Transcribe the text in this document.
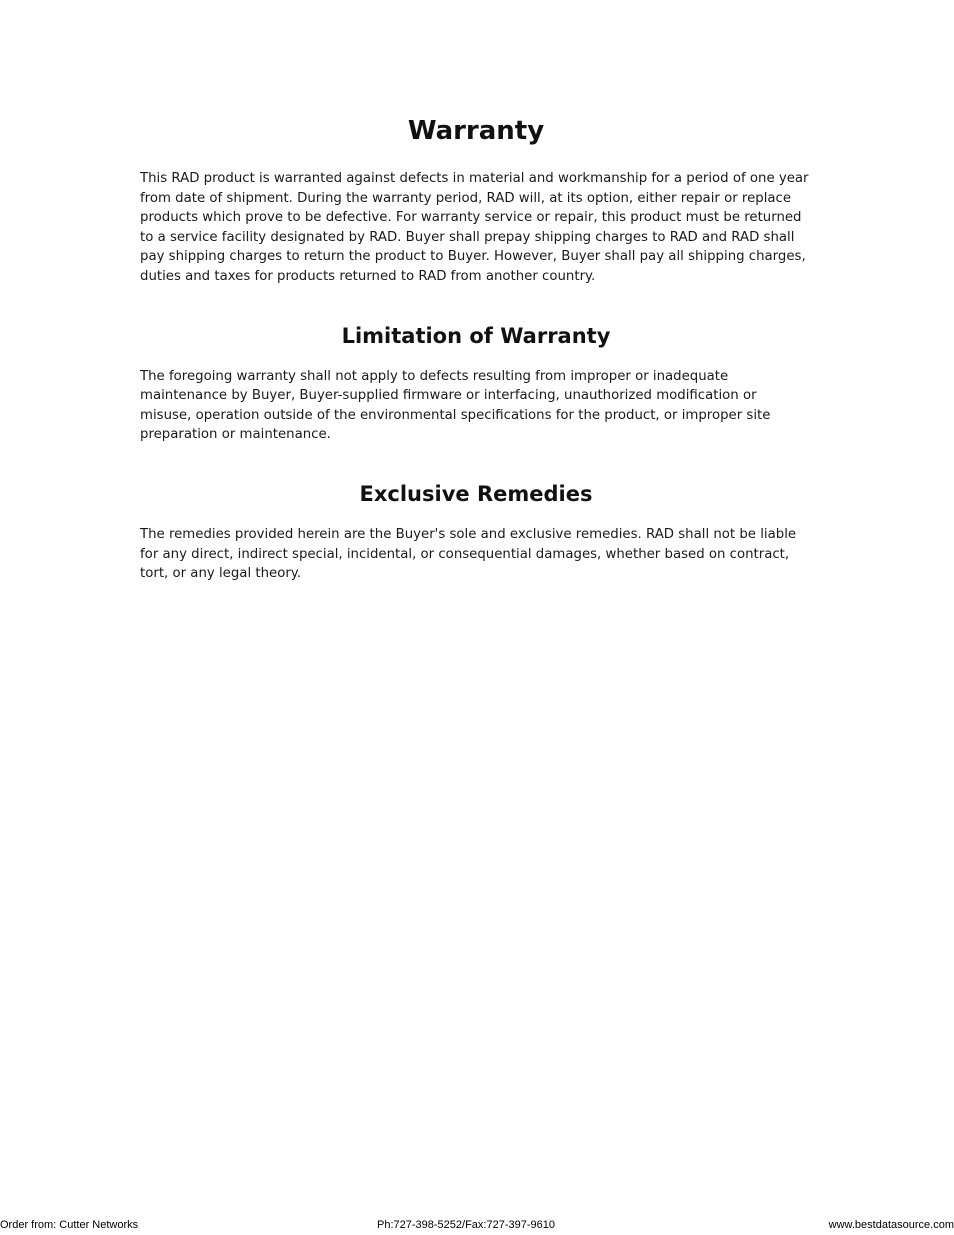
Warranty

This RAD product is warranted against defects in material and workmanship for a period of one year from date of shipment. During the warranty period, RAD will, at its option, either repair or replace products which prove to be defective. For warranty service or repair, this product must be returned to a service facility designated by RAD. Buyer shall prepay shipping charges to RAD and RAD shall pay shipping charges to return the product to Buyer. However, Buyer shall pay all shipping charges, duties and taxes for products returned to RAD from another country.

Limitation of Warranty

The foregoing warranty shall not apply to defects resulting from improper or inadequate maintenance by Buyer, Buyer-supplied firmware or interfacing, unauthorized modification or misuse, operation outside of the environmental specifications for the product, or improper site preparation or maintenance.

Exclusive Remedies

The remedies provided herein are the Buyer's sole and exclusive remedies. RAD shall not be liable for any direct, indirect special, incidental, or consequential damages, whether based on contract, tort, or any legal theory.

Order from: Cutter Networks	Ph:727-398-5252/Fax:727-397-9610	www.bestdatasource.com
